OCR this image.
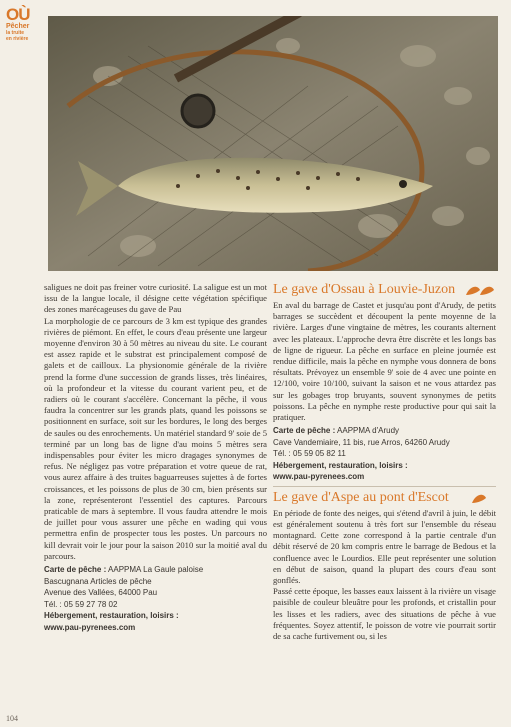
OÙ
Pêcher
la truite
en rivière

saligues ne doit pas freiner votre curiosité. La saligue est un mot issu de la langue locale, il désigne cette végétation spécifique des zones marécageuses du gave de Pau

La morphologie de ce parcours de 3 km est typique des grandes rivières de piémont. En effet, le cours d'eau présente une largeur moyenne d'environ 30 à 50 mètres au niveau du site. Le courant est assez rapide et le substrat est principalement composé de galets et de cailloux. La physionomie générale de la rivière prend la forme d'une succession de grands lisses, très linéaires, où la profondeur et la vitesse du courant varient peu, et de radiers où le courant s'accélère. Concernant la pêche, il vous faudra la concentrer sur les grands plats, quand les poissons se positionnent en surface, soit sur les bordures, le long des berges de saules ou des enrochements. Un matériel standard 9' soie de 5 terminé par un long bas de ligne d'au moins 5 mètres sera indispensables pour éviter les micro dragages synonymes de refus. Ne négligez pas votre préparation et votre queue de rat, vous aurez affaire à des truites baguarreuses sujettes à de fortes croissances, et les poissons de plus de 30 cm, bien présents sur la zone, représenteront l'essentiel des captures. Parcours praticable de mars à septembre. Il vous faudra attendre le mois de juillet pour vous assurer une pêche en wading qui vous permettra enfin de prospecter tous les postes. Un parcours no kill devrait voir le jour pour la saison 2010 sur la moitié aval du parcours.

Carte de pêche : AAPPMA La Gaule paloise
Bascugnana Articles de pêche
Avenue des Vallées, 64000 Pau
Tél. : 05 59 27 78 02
Hébergement, restauration, loisirs :
www.pau-pyrenees.com
Le gave d'Ossau à Louvie-Juzon

En aval du barrage de Castet et jusqu'au pont d'Arudy, de petits barrages se succèdent et découpent la pente moyenne de la rivière. Larges d'une vingtaine de mètres, les courants alternent avec les plateaux. L'approche devra être discrète et les longs bas de ligne de rigueur. La pêche en surface en pleine journée est rendue difficile, mais la pêche en nymphe vous donnera de bons résultats. Prévoyez un ensemble 9' soie de 4 avec une pointe en 12/100, voire 10/100, suivant la saison et ne vous attardez pas sur les gobages trop bruyants, souvent synonymes de petits poissons. La pêche en nymphe reste productive pour qui sait la pratiquer.

Carte de pêche : AAPPMA d'Arudy
Cave Vandemiaire, 11 bis, rue Arros, 64260 Arudy
Tél. : 05 59 05 82 11
Hébergement, restauration, loisirs :
www.pau-pyrenees.com
Le gave d'Aspe au pont d'Escot

En période de fonte des neiges, qui s'étend d'avril à juin, le débit est généralement soutenu à très fort sur l'ensemble du réseau montagnard. Cette zone correspond à la partie centrale d'un débit réservé de 20 km compris entre le barrage de Bedous et la confluence avec le Lourdios. Elle peut représenter une solution en début de saison, quand la plupart des cours d'eau sont gonflés.

Passé cette époque, les basses eaux laissent à la rivière un visage paisible de couleur bleuâtre pour les profonds, et cristallin pour les lisses et les radiers, avec des situations de pêche à vue fréquentes. Soyez attentif, le poisson de votre vie pourrait sortir de sa cache furtivement ou, si les

104
